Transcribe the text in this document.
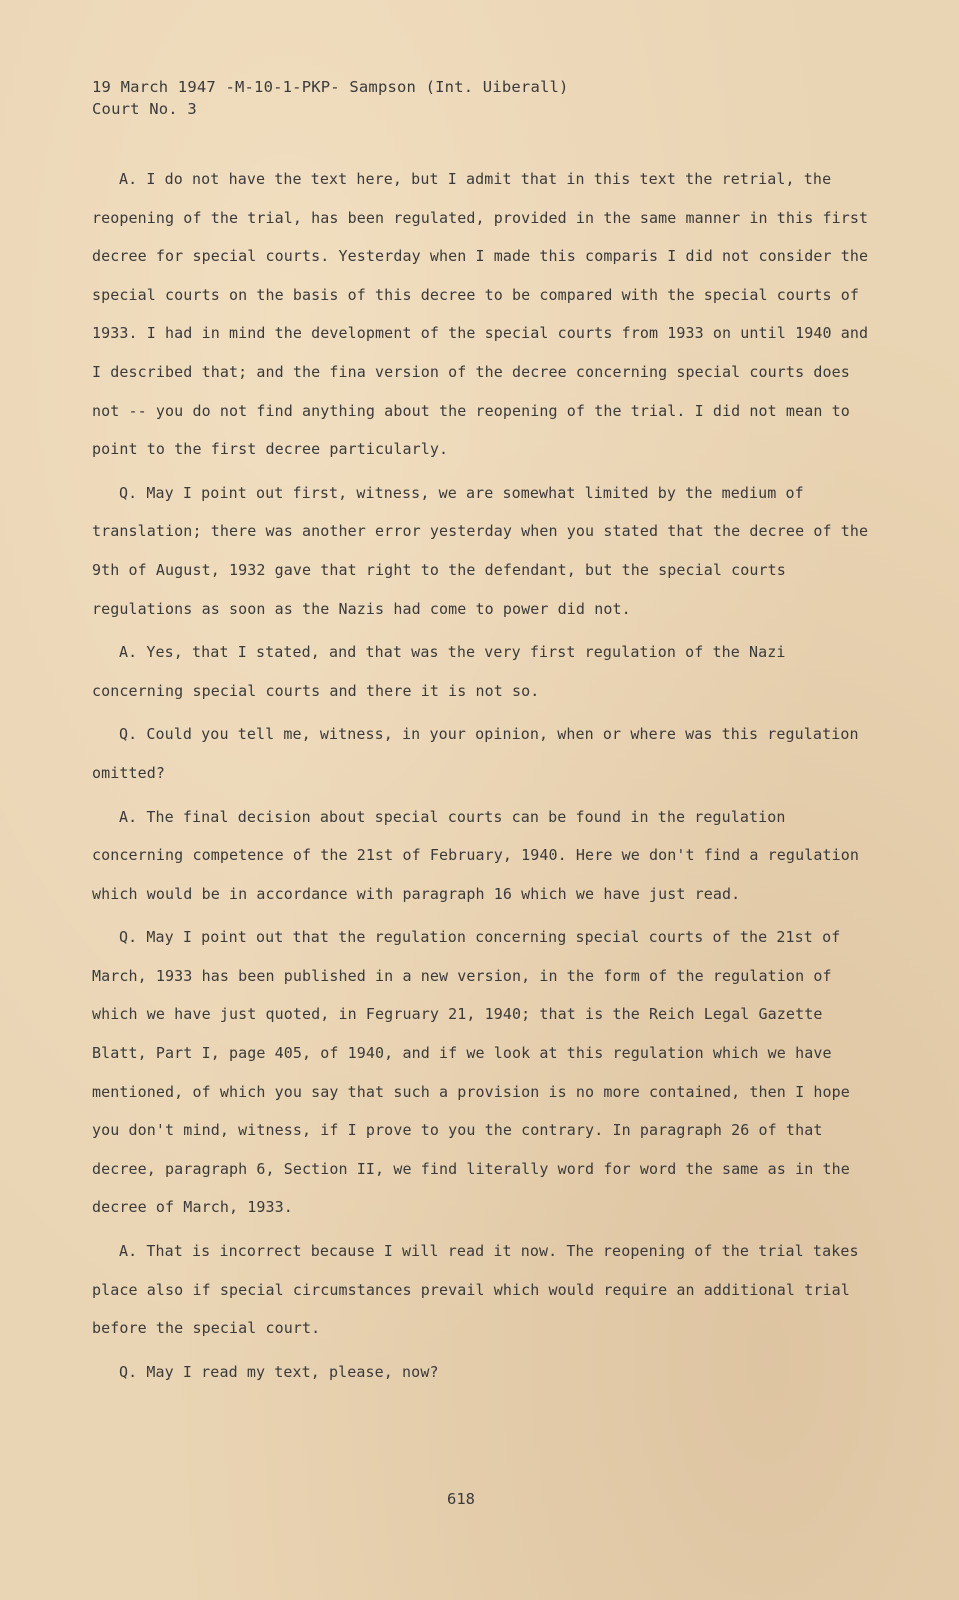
19 March 1947 -M-10-1-PKP- Sampson (Int. Uiberall)
Court No. 3

A. I do not have the text here, but I admit that in this text the retrial, the reopening of the trial, has been regulated, provided in the same manner in this first decree for special courts. Yesterday when I made this comparis I did not consider the special courts on the basis of this decree to be compared with the special courts of 1933. I had in mind the development of the special courts from 1933 on until 1940 and I described that; and the fina version of the decree concerning special courts does not -- you do not find anything about the reopening of the trial. I did not mean to point to the first decree particularly.

Q. May I point out first, witness, we are somewhat limited by the medium of translation; there was another error yesterday when you stated that the decree of the 9th of August, 1932 gave that right to the defendant, but the special courts regulations as soon as the Nazis had come to power did not.

A. Yes, that I stated, and that was the very first regulation of the Nazi concerning special courts and there it is not so.

Q. Could you tell me, witness, in your opinion, when or where was this regulation omitted?

A. The final decision about special courts can be found in the regulation concerning competence of the 21st of February, 1940. Here we don't find a regulation which would be in accordance with paragraph 16 which we have just read.

Q. May I point out that the regulation concerning special courts of the 21st of March, 1933 has been published in a new version, in the form of the regulation of which we have just quoted, in Fegruary 21, 1940; that is the Reich Legal Gazette Blatt, Part I, page 405, of 1940, and if we look at this regulation which we have mentioned, of which you say that such a provision is no more contained, then I hope you don't mind, witness, if I prove to you the contrary. In paragraph 26 of that decree, paragraph 6, Section II, we find literally word for word the same as in the decree of March, 1933.

A. That is incorrect because I will read it now. The reopening of the trial takes place also if special circumstances prevail which would require an additional trial before the special court.

Q. May I read my text, please, now?

618
